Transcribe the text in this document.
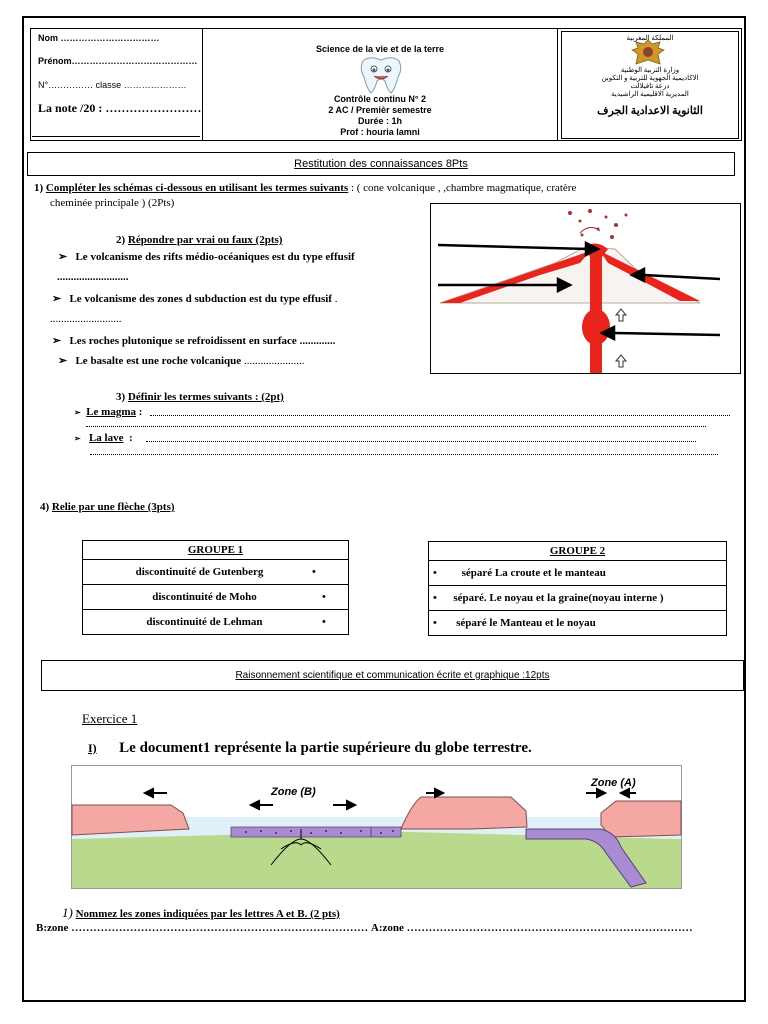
Nom ……………………………
Prénom……………………………………
N°…………… classe …………………
La note /20 : ……………………
Science de la vie et de la terre
Contrôle continu N° 2
2 AC / Premièr semestre
Durée : 1h
Prof : houria lamni
المملكة المغربية
وزارة التربية الوطنية
الاكاديمية الجهوية للتربية و التكوين
درعة تافيلالت
المديرية الاقليمية الراشيدية
الثانوية الاعدادية الجرف
Restitution des connaissances 8Pts
1) Compléter les schémas ci-dessous en utilisant les termes suivants : ( cone volcanique , ,chambre magmatique, cratère
cheminée principale ) (2Pts)
2) Répondre par vrai ou faux (2pts)
➢ Le volcanisme des rifts médio-océaniques est du type effusif
..........................
➢ Le volcanisme des zones d subduction est du type effusif .
..........................
➢ Les roches plutonique se refroidissent en surface .............
➢ Le basalte est une roche volcanique ......................
3) Définir les termes suivants : (2pt)
➢ Le magma :
➢ La lave  :
4) Relie par une flèche (3pts)
GROUPE 1
discontinuité de Gutenberg	•
discontinuité de Moho	•
discontinuité de Lehman	•
GROUPE 2
• séparé La croute et le manteau
• séparé. Le noyau et la graine(noyau interne )
• séparé le Manteau et le noyau
Raisonnement scientifique et communication écrite et graphique :12pts
Exercice 1
I) Le document1 représente la partie supérieure du globe terrestre.
Zone (B)
Zone (A)
1) Nommez les zones indiquées par les lettres A et B. (2 pts)
B:zone ……………………………………………………………………… A:zone ……………………………………………………………………
